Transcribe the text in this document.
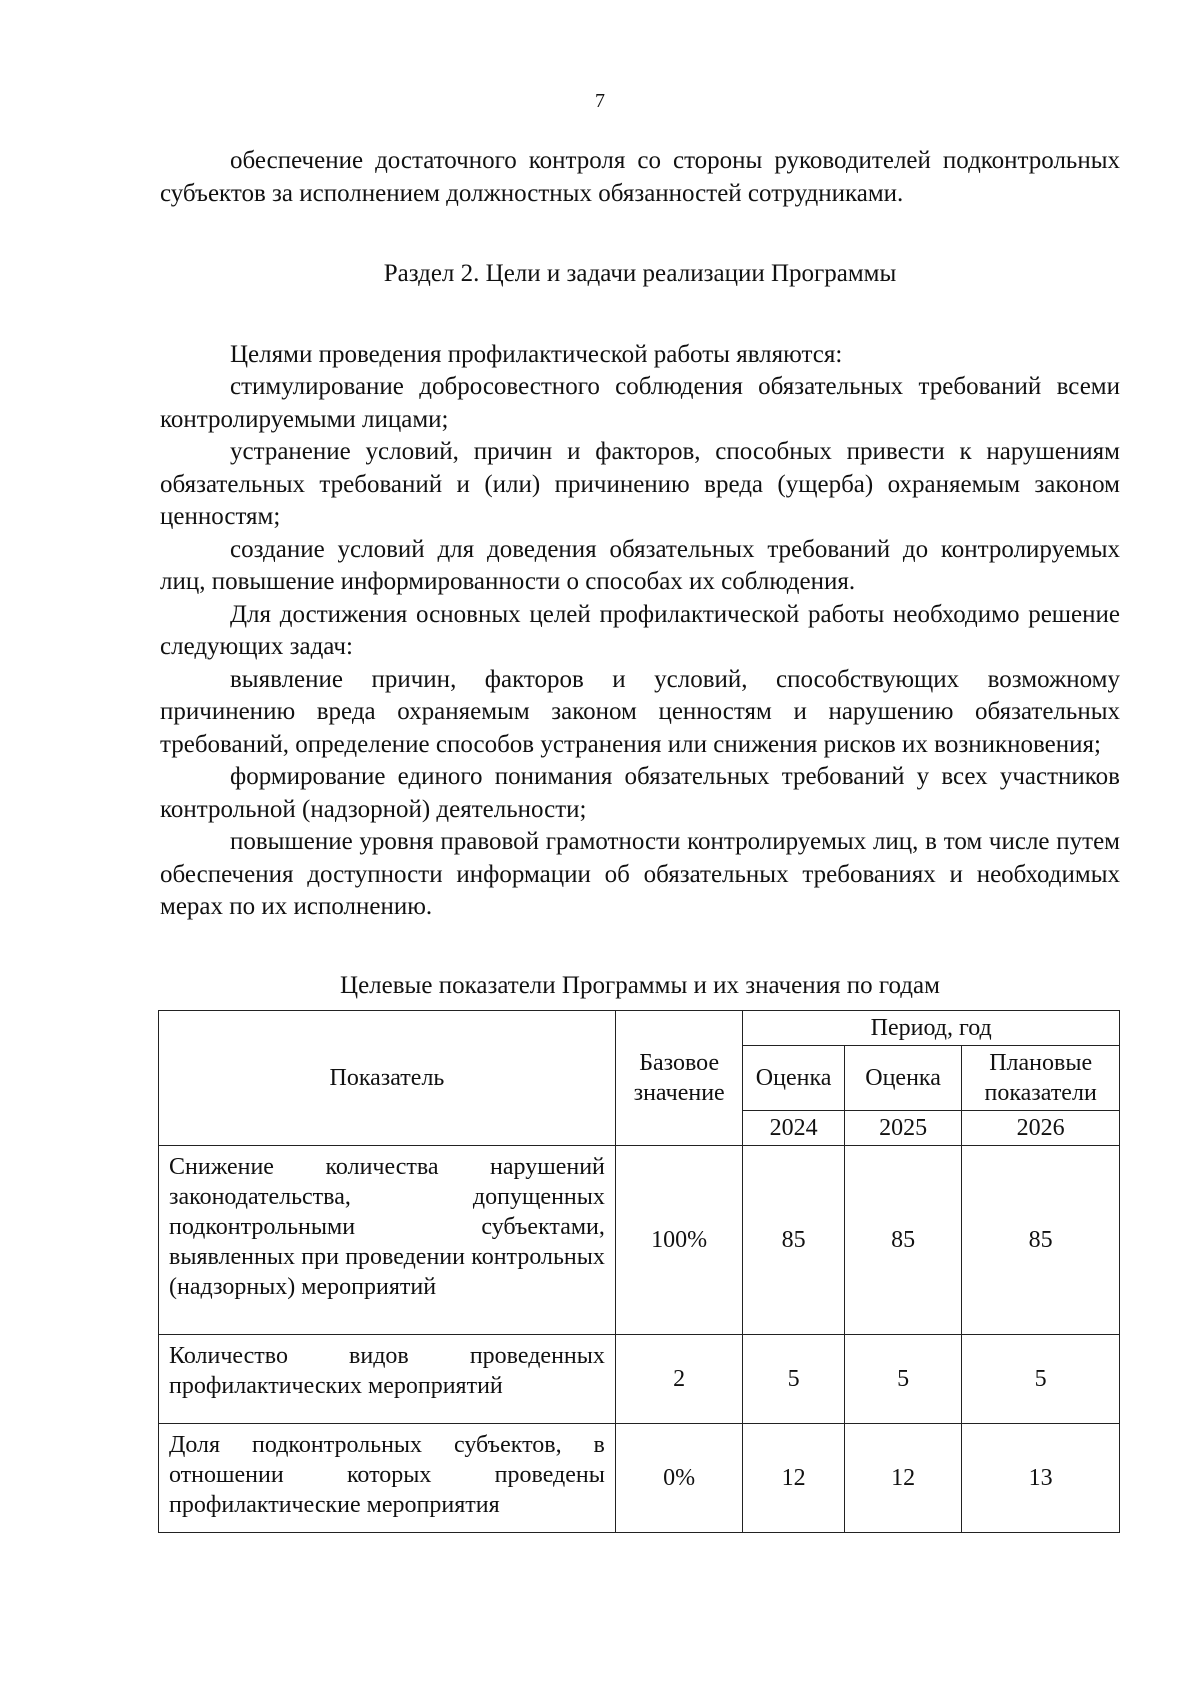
7

обеспечение достаточного контроля со стороны руководителей подконтрольных субъектов за исполнением должностных обязанностей сотрудниками.

Раздел 2. Цели и задачи реализации Программы

Целями проведения профилактической работы являются:

стимулирование добросовестного соблюдения обязательных требований всеми контролируемыми лицами;

устранение условий, причин и факторов, способных привести к нарушениям обязательных требований и (или) причинению вреда (ущерба) охраняемым законом ценностям;

создание условий для доведения обязательных требований до контролируемых лиц, повышение информированности о способах их соблюдения.

Для достижения основных целей профилактической работы необходимо решение следующих задач:

выявление причин, факторов и условий, способствующих возможному причинению вреда охраняемым законом ценностям и нарушению обязательных требований, определение способов устранения или снижения рисков их возникновения;

формирование единого понимания обязательных требований у всех участников контрольной (надзорной) деятельности;

повышение уровня правовой грамотности контролируемых лиц, в том числе путем обеспечения доступности информации об обязательных требованиях и необходимых мерах по их исполнению.

Целевые показатели Программы и их значения по годам

Показатель	Базовое значение	Период, год		
		Оценка	Оценка	Плановые показатели
		2024	2025	2026
Снижение количества нарушений законодательства, допущенных подконтрольными субъектами, выявленных при проведении контрольных (надзорных) мероприятий	100%	85	85	85
Количество видов проведенных профилактических мероприятий	2	5	5	5
Доля подконтрольных субъектов, в отношении которых проведены профилактические мероприятия	0%	12	12	13
